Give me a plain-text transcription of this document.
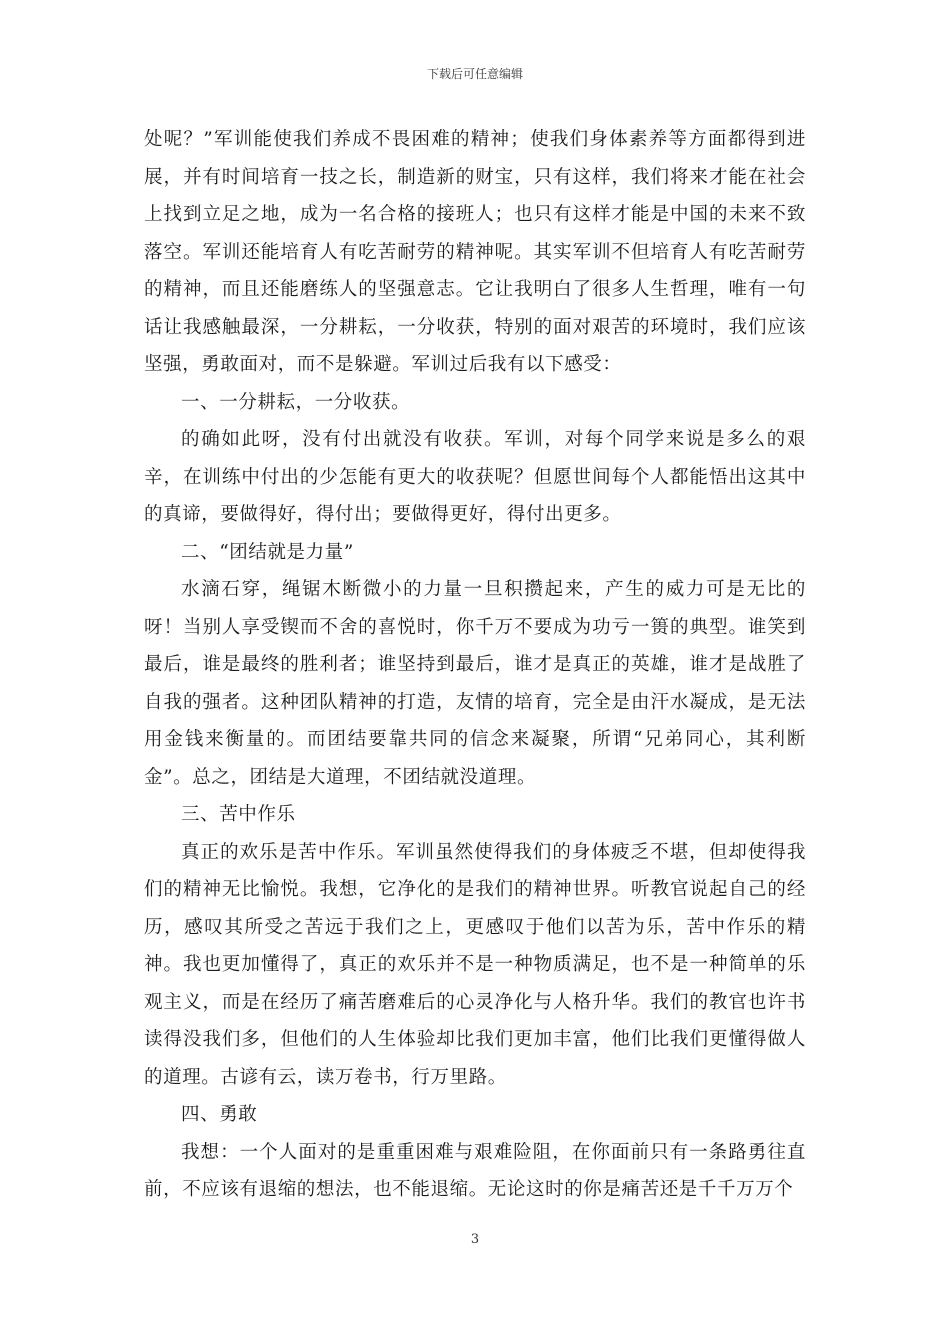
下载后可任意编辑

处呢？”军训能使我们养成不畏困难的精神；使我们身体素养等方面都得到进展，并有时间培育一技之长，制造新的财宝，只有这样，我们将来才能在社会上找到立足之地，成为一名合格的接班人；也只有这样才能是中国的未来不致落空。军训还能培育人有吃苦耐劳的精神呢。其实军训不但培育人有吃苦耐劳的精神，而且还能磨练人的坚强意志。它让我明白了很多人生哲理，唯有一句话让我感触最深，一分耕耘，一分收获，特别的面对艰苦的环境时，我们应该坚强，勇敢面对，而不是躲避。军训过后我有以下感受：

一、一分耕耘，一分收获。

的确如此呀，没有付出就没有收获。军训，对每个同学来说是多么的艰辛，在训练中付出的少怎能有更大的收获呢？但愿世间每个人都能悟出这其中的真谛，要做得好，得付出；要做得更好，得付出更多。

二、“团结就是力量”

水滴石穿，绳锯木断微小的力量一旦积攒起来，产生的威力可是无比的呀！当别人享受锲而不舍的喜悦时，你千万不要成为功亏一篑的典型。谁笑到最后，谁是最终的胜利者；谁坚持到最后，谁才是真正的英雄，谁才是战胜了自我的强者。这种团队精神的打造，友情的培育，完全是由汗水凝成，是无法用金钱来衡量的。而团结要靠共同的信念来凝聚，所谓“兄弟同心，其利断金”。总之，团结是大道理，不团结就没道理。

三、苦中作乐

真正的欢乐是苦中作乐。军训虽然使得我们的身体疲乏不堪，但却使得我们的精神无比愉悦。我想，它净化的是我们的精神世界。听教官说起自己的经历，感叹其所受之苦远于我们之上，更感叹于他们以苦为乐，苦中作乐的精神。我也更加懂得了，真正的欢乐并不是一种物质满足，也不是一种简单的乐观主义，而是在经历了痛苦磨难后的心灵净化与人格升华。我们的教官也许书读得没我们多，但他们的人生体验却比我们更加丰富，他们比我们更懂得做人的道理。古谚有云，读万卷书，行万里路。

四、勇敢

我想：一个人面对的是重重困难与艰难险阻，在你面前只有一条路勇往直前，不应该有退缩的想法，也不能退缩。无论这时的你是痛苦还是千千万万个

3
